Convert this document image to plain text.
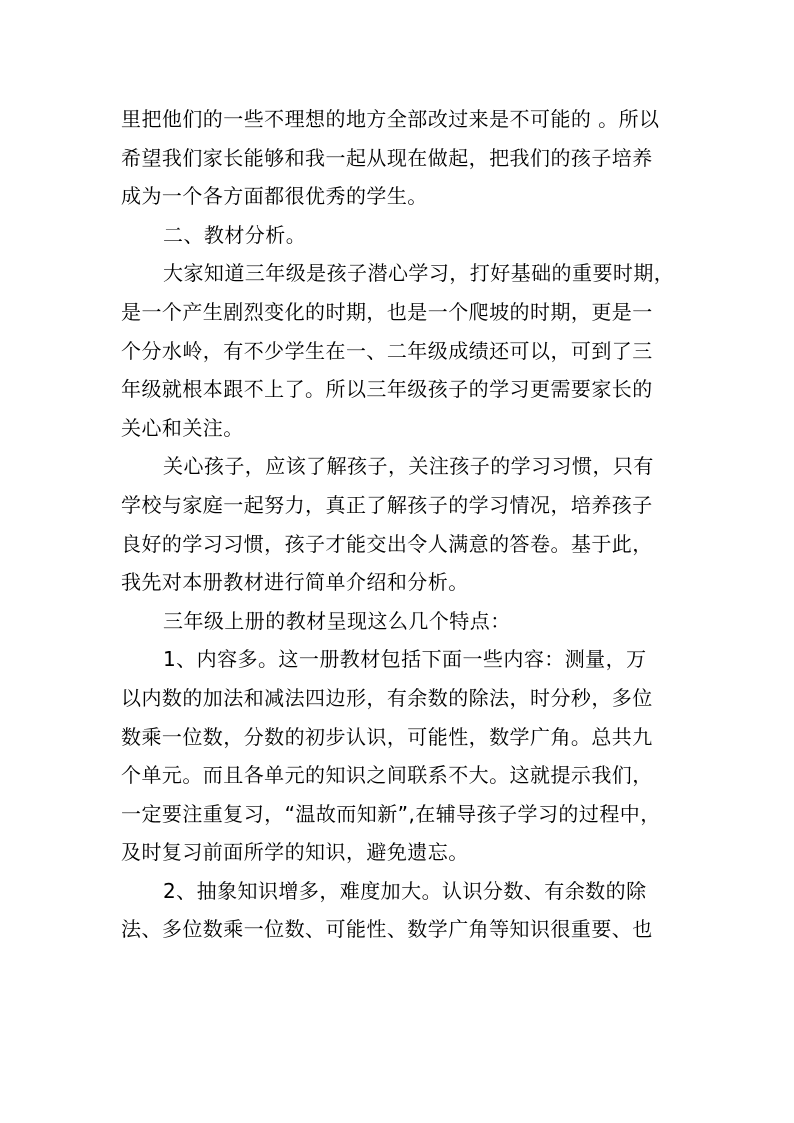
里把他们的一些不理想的地方全部改过来是不可能的 。所以

希望我们家长能够和我一起从现在做起，把我们的孩子培养

成为一个各方面都很优秀的学生。

二、教材分析。

大家知道三年级是孩子潜心学习，打好基础的重要时期，

是一个产生剧烈变化的时期，也是一个爬坡的时期，更是一

个分水岭，有不少学生在一、二年级成绩还可以，可到了三

年级就根本跟不上了。所以三年级孩子的学习更需要家长的

关心和关注。

关心孩子，应该了解孩子，关注孩子的学习习惯，只有

学校与家庭一起努力，真正了解孩子的学习情况，培养孩子

良好的学习习惯，孩子才能交出令人满意的答卷。基于此，

我先对本册教材进行简单介绍和分析。

三年级上册的教材呈现这么几个特点：

1、内容多。这一册教材包括下面一些内容：测量，万

以内数的加法和减法四边形，有余数的除法，时分秒，多位

数乘一位数，分数的初步认识，可能性，数学广角。总共九

个单元。而且各单元的知识之间联系不大。这就提示我们，

一定要注重复习，“温故而知新”,在辅导孩子学习的过程中，

及时复习前面所学的知识，避免遗忘。

2、抽象知识增多，难度加大。认识分数、有余数的除

法、多位数乘一位数、可能性、数学广角等知识很重要、也
